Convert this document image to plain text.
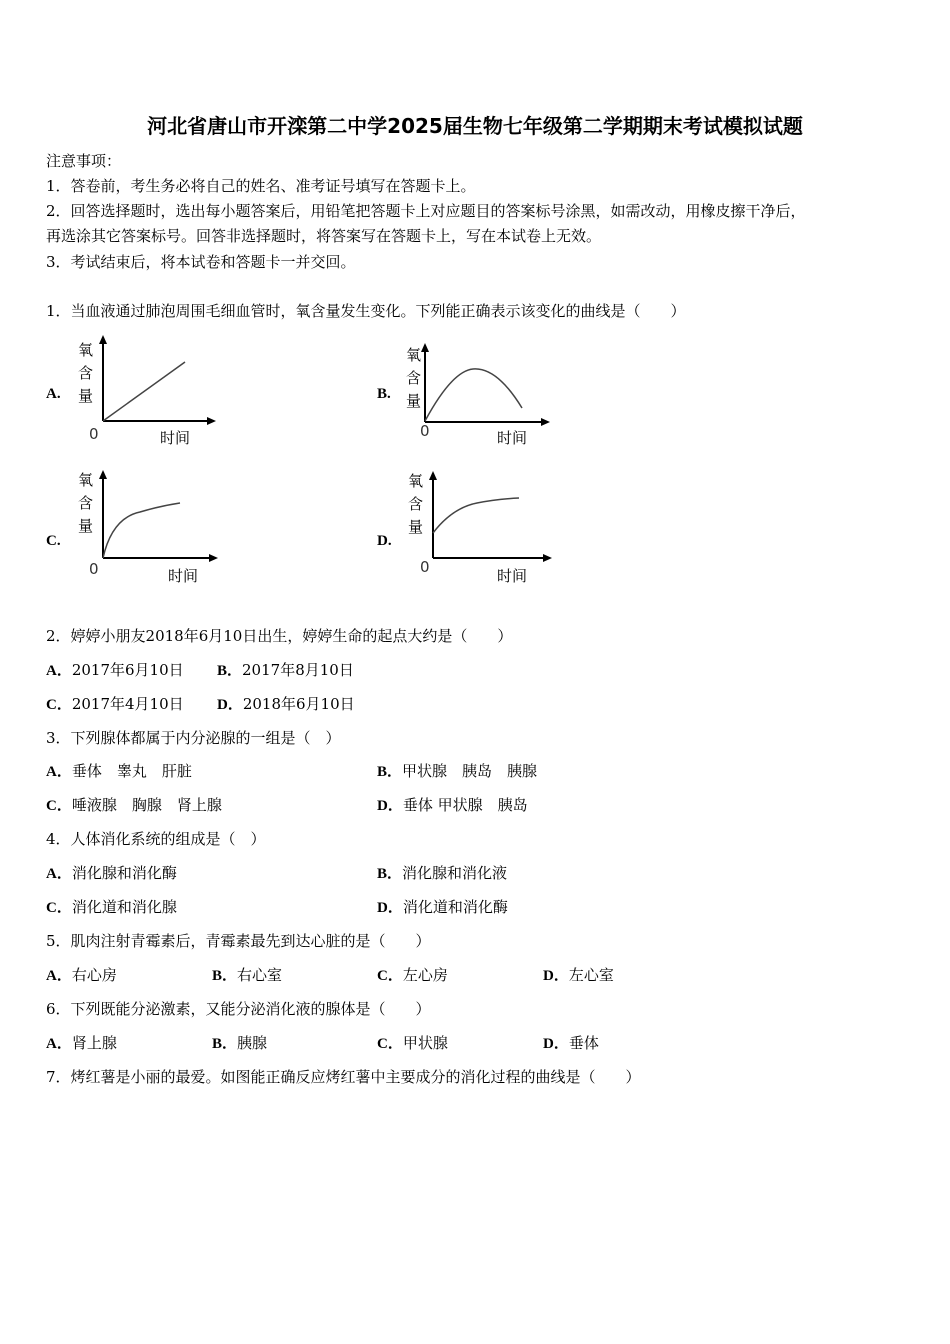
河北省唐山市开滦第二中学2025届生物七年级第二学期期末考试模拟试题
注意事项：
1．答卷前，考生务必将自己的姓名、准考证号填写在答题卡上。
2．回答选择题时，选出每小题答案后，用铅笔把答题卡上对应题目的答案标号涂黑，如需改动，用橡皮擦干净后，
再选涂其它答案标号。回答非选择题时，将答案写在答题卡上，写在本试卷上无效。
3．考试结束后，将本试卷和答题卡一并交回。
1．当血液通过肺泡周围毛细血管时，氧含量发生变化。下列能正确表示该变化的曲线是（　　）
A.	B.
C.	D.
氧
含
量
0	时间
氧
含
量
0	时间
氧
含
量
0	时间
氧
含
量
0	时间
2．婷婷小朋友2018年6月10日出生，婷婷生命的起点大约是（　　）
A．2017年6月10日 B．2017年8月10日
C．2017年4月10日 D．2018年6月10日
3．下列腺体都属于内分泌腺的一组是（　）
A．垂体　睾丸　肝脏	B．甲状腺　胰岛　胰腺
C．唾液腺　胸腺　肾上腺	D．垂体 甲状腺　胰岛
4．人体消化系统的组成是（　）
A．消化腺和消化酶	B．消化腺和消化液
C．消化道和消化腺	D．消化道和消化酶
5．肌肉注射青霉素后，青霉素最先到达心脏的是（　　）
A．右心房	B．右心室	C．左心房	D．左心室
6．下列既能分泌激素，又能分泌消化液的腺体是（　　）
A．肾上腺	B．胰腺	C．甲状腺	D．垂体
7．烤红薯是小丽的最爱。如图能正确反应烤红薯中主要成分的消化过程的曲线是（　　）
